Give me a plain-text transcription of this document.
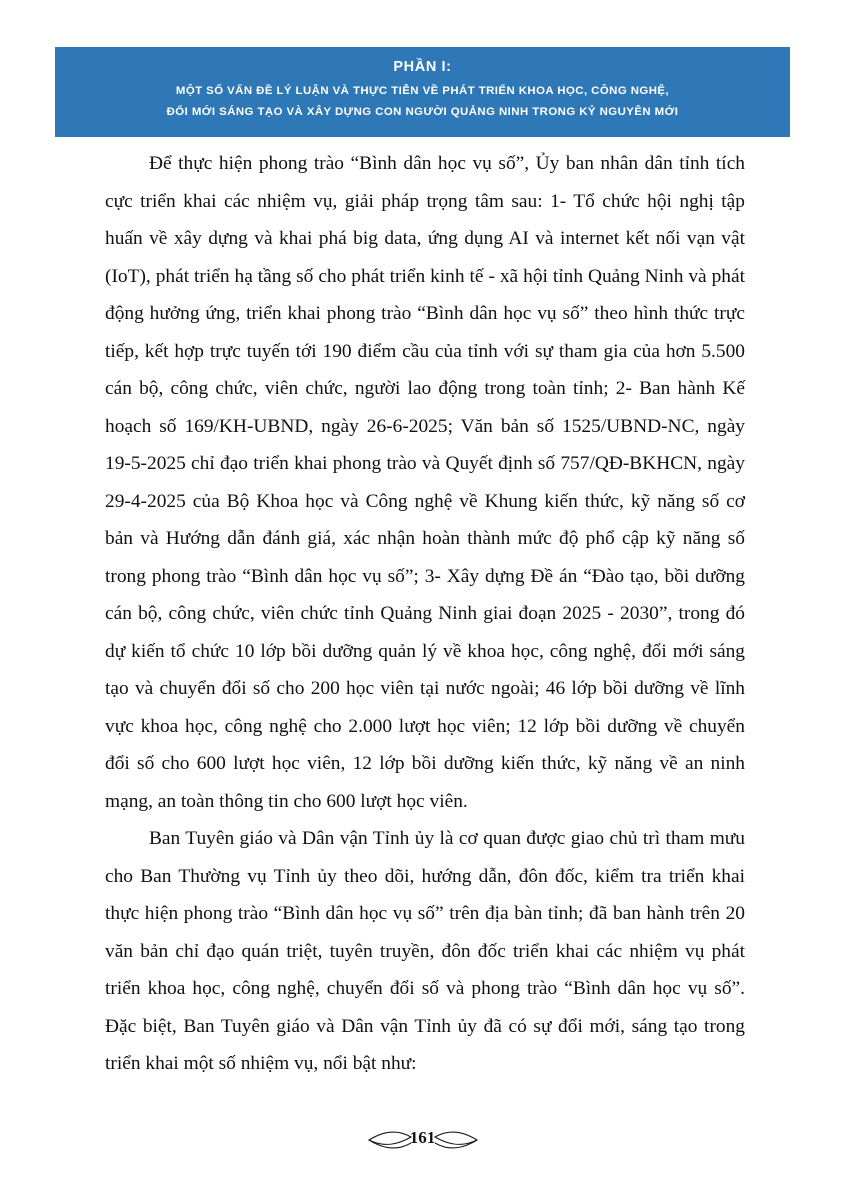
PHẦN I:
MỘT SỐ VẤN ĐỀ LÝ LUẬN VÀ THỰC TIỄN VỀ PHÁT TRIỂN KHOA HỌC, CÔNG NGHỆ,
ĐỔI MỚI SÁNG TẠO VÀ XÂY DỰNG CON NGƯỜI QUẢNG NINH TRONG KỶ NGUYÊN MỚI

Để thực hiện phong trào “Bình dân học vụ số”, Ủy ban nhân dân tỉnh tích cực triển khai các nhiệm vụ, giải pháp trọng tâm sau: 1- Tổ chức hội nghị tập huấn về xây dựng và khai phá big data, ứng dụng AI và internet kết nối vạn vật (IoT), phát triển hạ tầng số cho phát triển kinh tế - xã hội tỉnh Quảng Ninh và phát động hưởng ứng, triển khai phong trào “Bình dân học vụ số” theo hình thức trực tiếp, kết hợp trực tuyến tới 190 điểm cầu của tỉnh với sự tham gia của hơn 5.500 cán bộ, công chức, viên chức, người lao động trong toàn tỉnh; 2- Ban hành Kế hoạch số 169/KH-UBND, ngày 26-6-2025; Văn bản số 1525/UBND-NC, ngày 19-5-2025 chỉ đạo triển khai phong trào và Quyết định số 757/QĐ-BKHCN, ngày 29-4-2025 của Bộ Khoa học và Công nghệ về Khung kiến thức, kỹ năng số cơ bản và Hướng dẫn đánh giá, xác nhận hoàn thành mức độ phổ cập kỹ năng số trong phong trào “Bình dân học vụ số”; 3- Xây dựng Đề án “Đào tạo, bồi dưỡng cán bộ, công chức, viên chức tỉnh Quảng Ninh giai đoạn 2025 - 2030”, trong đó dự kiến tổ chức 10 lớp bồi dưỡng quản lý về khoa học, công nghệ, đổi mới sáng tạo và chuyển đổi số cho 200 học viên tại nước ngoài; 46 lớp bồi dưỡng về lĩnh vực khoa học, công nghệ cho 2.000 lượt học viên; 12 lớp bồi dưỡng về chuyển đổi số cho 600 lượt học viên, 12 lớp bồi dưỡng kiến thức, kỹ năng về an ninh mạng, an toàn thông tin cho 600 lượt học viên.

Ban Tuyên giáo và Dân vận Tỉnh ủy là cơ quan được giao chủ trì tham mưu cho Ban Thường vụ Tỉnh ủy theo dõi, hướng dẫn, đôn đốc, kiểm tra triển khai thực hiện phong trào “Bình dân học vụ số” trên địa bàn tỉnh; đã ban hành trên 20 văn bản chỉ đạo quán triệt, tuyên truyền, đôn đốc triển khai các nhiệm vụ phát triển khoa học, công nghệ, chuyển đổi số và phong trào “Bình dân học vụ số”. Đặc biệt, Ban Tuyên giáo và Dân vận Tỉnh ủy đã có sự đổi mới, sáng tạo trong triển khai một số nhiệm vụ, nổi bật như:

161
